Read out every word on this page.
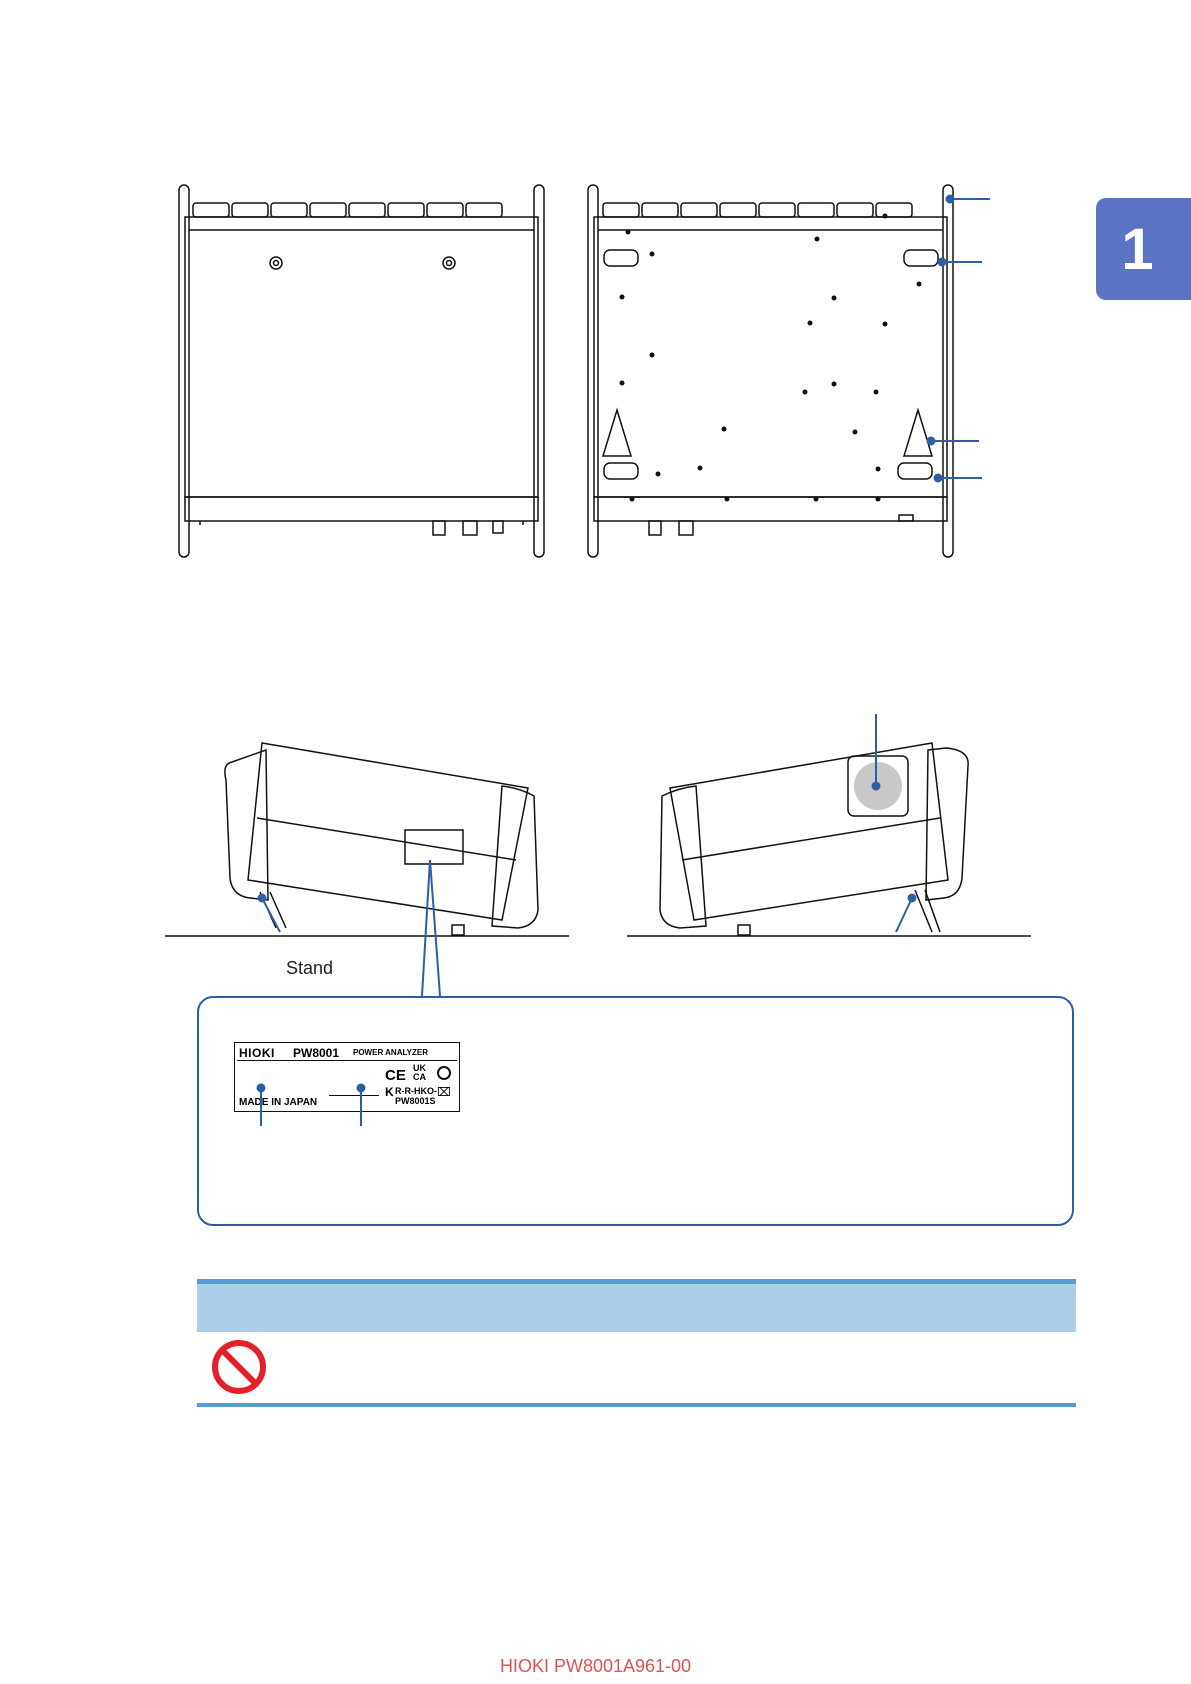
1
Stand
HIOKI PW8001 POWER ANALYZER
CE UK
CA
K R-R-HKO-
PW8001S
⌧
MADE IN JAPAN
HIOKI PW8001A961-00
